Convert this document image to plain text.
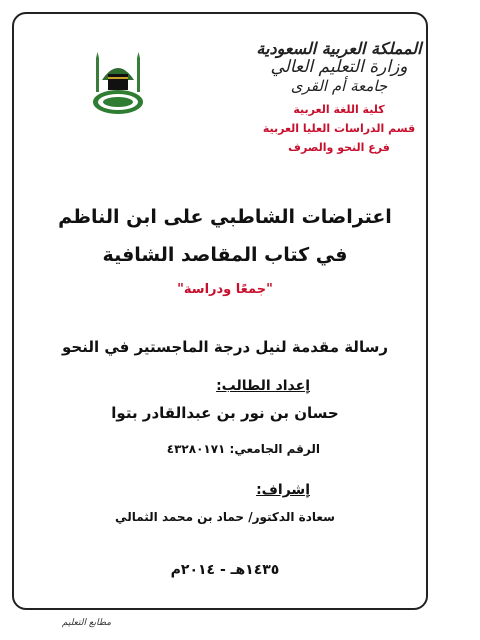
المملكة العربية السعودية
وزارة التعليم العالي
جامعة أم القرى
كلية اللغة العربية
قسم الدراسات العليا العربية
فرع النحو والصرف
اعتراضات الشاطبي على ابن الناظم
في كتاب المقاصد الشافية
"جمعًا ودراسة"
رسالة مقدمة لنيل درجة الماجستير في النحو
إعداد الطالب:
حسان بن نور بن عبدالقادر بتوا
الرقم الجامعي: ٤٣٢٨٠١٧١
إشراف:
سعادة الدكتور/ حماد بن محمد الثمالي
١٤٣٥هـ - ٢٠١٤م
مطابع التعليم
